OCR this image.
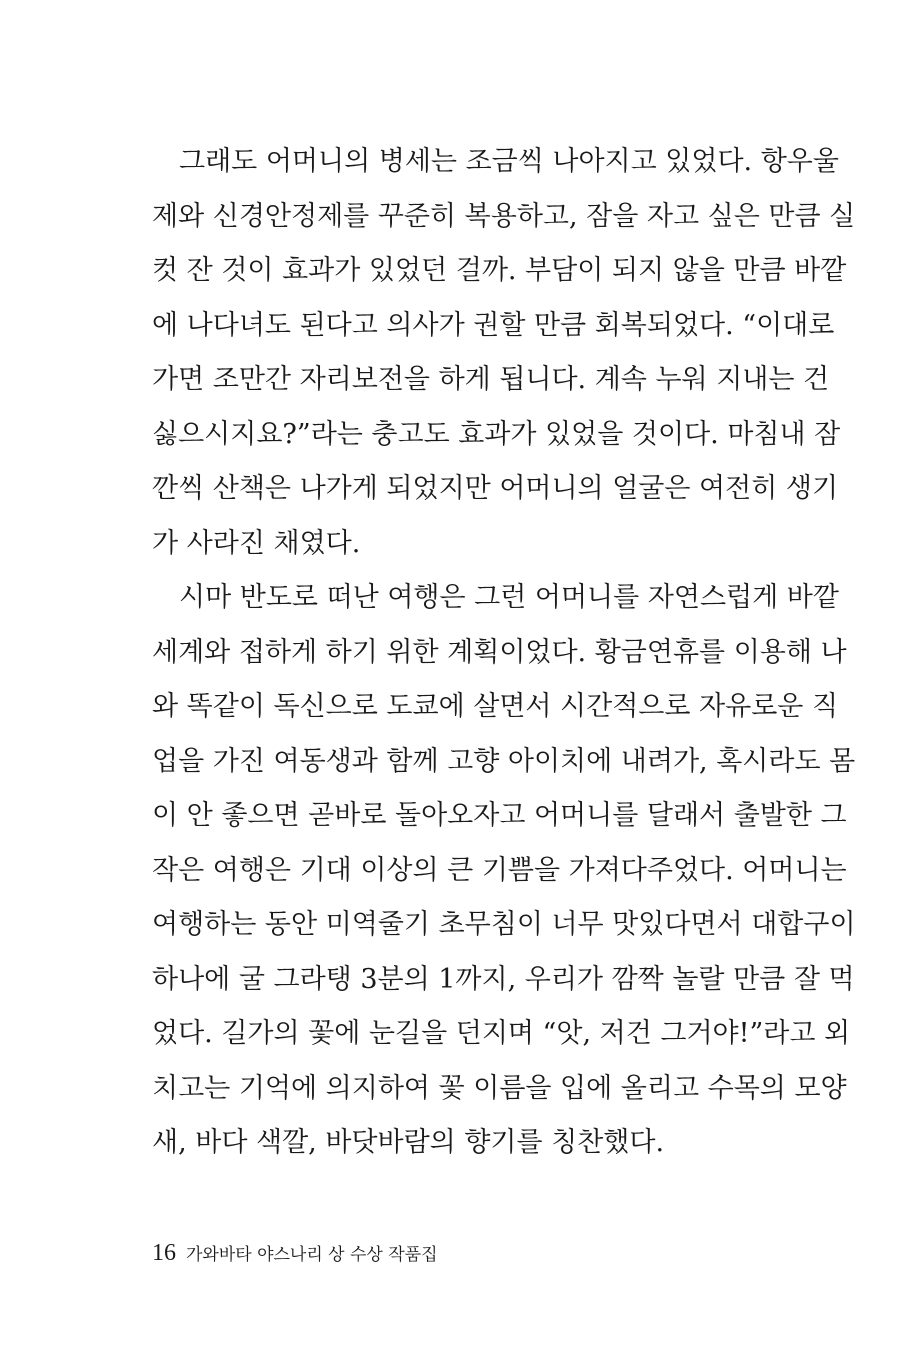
그래도 어머니의 병세는 조금씩 나아지고 있었다. 항우울
제와 신경안정제를 꾸준히 복용하고, 잠을 자고 싶은 만큼 실
컷 잔 것이 효과가 있었던 걸까. 부담이 되지 않을 만큼 바깥
에 나다녀도 된다고 의사가 권할 만큼 회복되었다. “이대로
가면 조만간 자리보전을 하게 됩니다. 계속 누워 지내는 건
싫으시지요?”라는 충고도 효과가 있었을 것이다. 마침내 잠
깐씩 산책은 나가게 되었지만 어머니의 얼굴은 여전히 생기
가 사라진 채였다.
시마 반도로 떠난 여행은 그런 어머니를 자연스럽게 바깥
세계와 접하게 하기 위한 계획이었다. 황금연휴를 이용해 나
와 똑같이 독신으로 도쿄에 살면서 시간적으로 자유로운 직
업을 가진 여동생과 함께 고향 아이치에 내려가, 혹시라도 몸
이 안 좋으면 곧바로 돌아오자고 어머니를 달래서 출발한 그
작은 여행은 기대 이상의 큰 기쁨을 가져다주었다. 어머니는
여행하는 동안 미역줄기 초무침이 너무 맛있다면서 대합구이
하나에 굴 그라탱 3분의 1까지, 우리가 깜짝 놀랄 만큼 잘 먹
었다. 길가의 꽃에 눈길을 던지며 “앗, 저건 그거야!”라고 외
치고는 기억에 의지하여 꽃 이름을 입에 올리고 수목의 모양
새, 바다 색깔, 바닷바람의 향기를 칭찬했다.
16 가와바타 야스나리 상 수상 작품집
